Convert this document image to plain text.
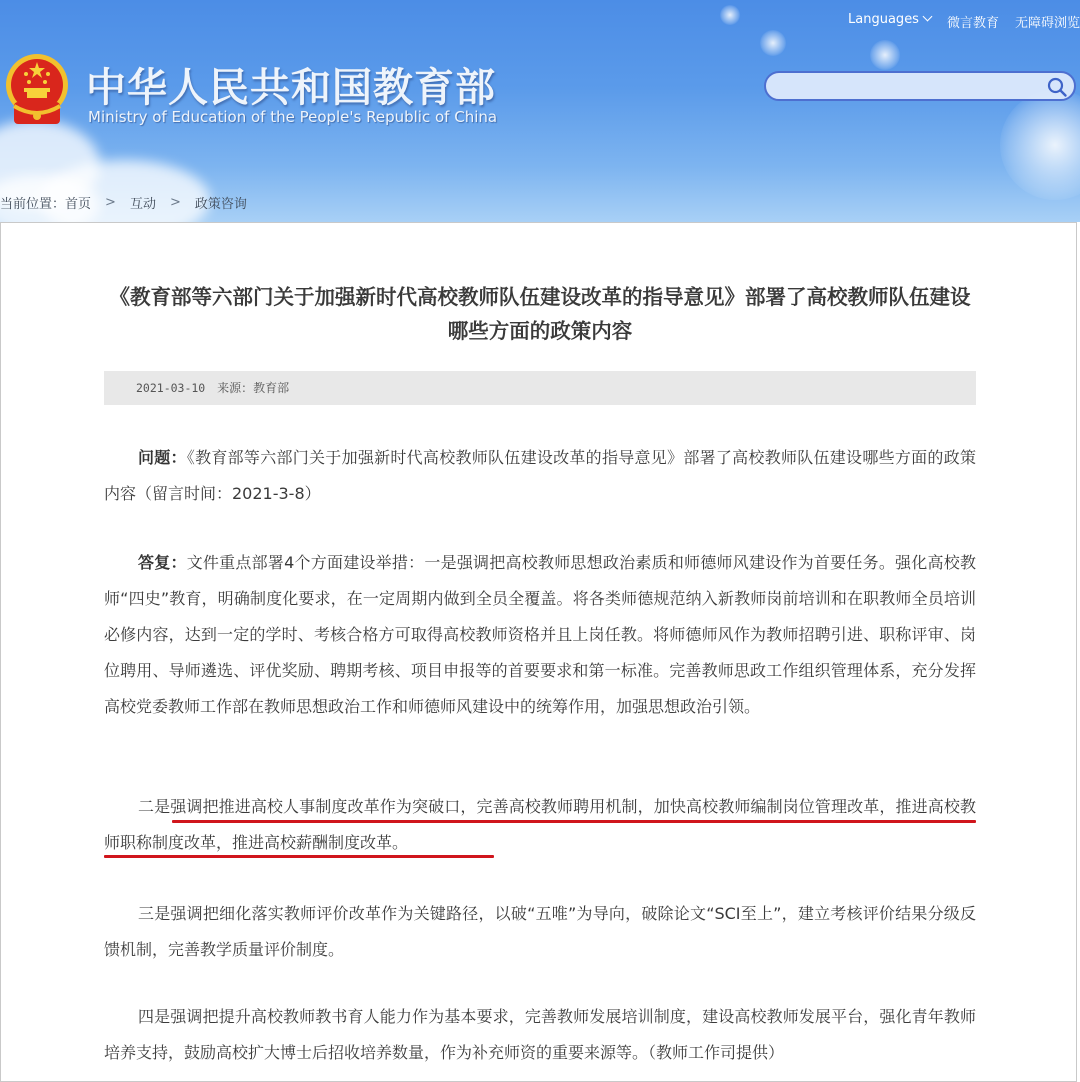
中华人民共和国教育部
Ministry of Education of the People's Republic of China
Languages	微言教育 无障碍浏览
当前位置： 首页 > 互动 > 政策咨询
《教育部等六部门关于加强新时代高校教师队伍建设改革的指导意见》部署了高校教师队伍建设哪些方面的政策内容
2021-03-10 来源：教育部

问题：《教育部等六部门关于加强新时代高校教师队伍建设改革的指导意见》部署了高校教师队伍建设哪些方面的政策内容（留言时间：2021-3-8）

答复：文件重点部署4个方面建设举措：一是强调把高校教师思想政治素质和师德师风建设作为首要任务。强化高校教师“四史”教育，明确制度化要求，在一定周期内做到全员全覆盖。将各类师德规范纳入新教师岗前培训和在职教师全员培训必修内容，达到一定的学时、考核合格方可取得高校教师资格并且上岗任教。将师德师风作为教师招聘引进、职称评审、岗位聘用、导师遴选、评优奖励、聘期考核、项目申报等的首要要求和第一标准。完善教师思政工作组织管理体系，充分发挥高校党委教师工作部在教师思想政治工作和师德师风建设中的统筹作用，加强思想政治引领。

二是强调把推进高校人事制度改革作为突破口，完善高校教师聘用机制，加快高校教师编制岗位管理改革，推进高校教师职称制度改革，推进高校薪酬制度改革。

三是强调把细化落实教师评价改革作为关键路径，以破“五唯”为导向，破除论文“SCI至上”，建立考核评价结果分级反馈机制，完善教学质量评价制度。

四是强调把提升高校教师教书育人能力作为基本要求，完善教师发展培训制度，建设高校教师发展平台，强化青年教师培养支持，鼓励高校扩大博士后招收培养数量，作为补充师资的重要来源等。（教师工作司提供）
